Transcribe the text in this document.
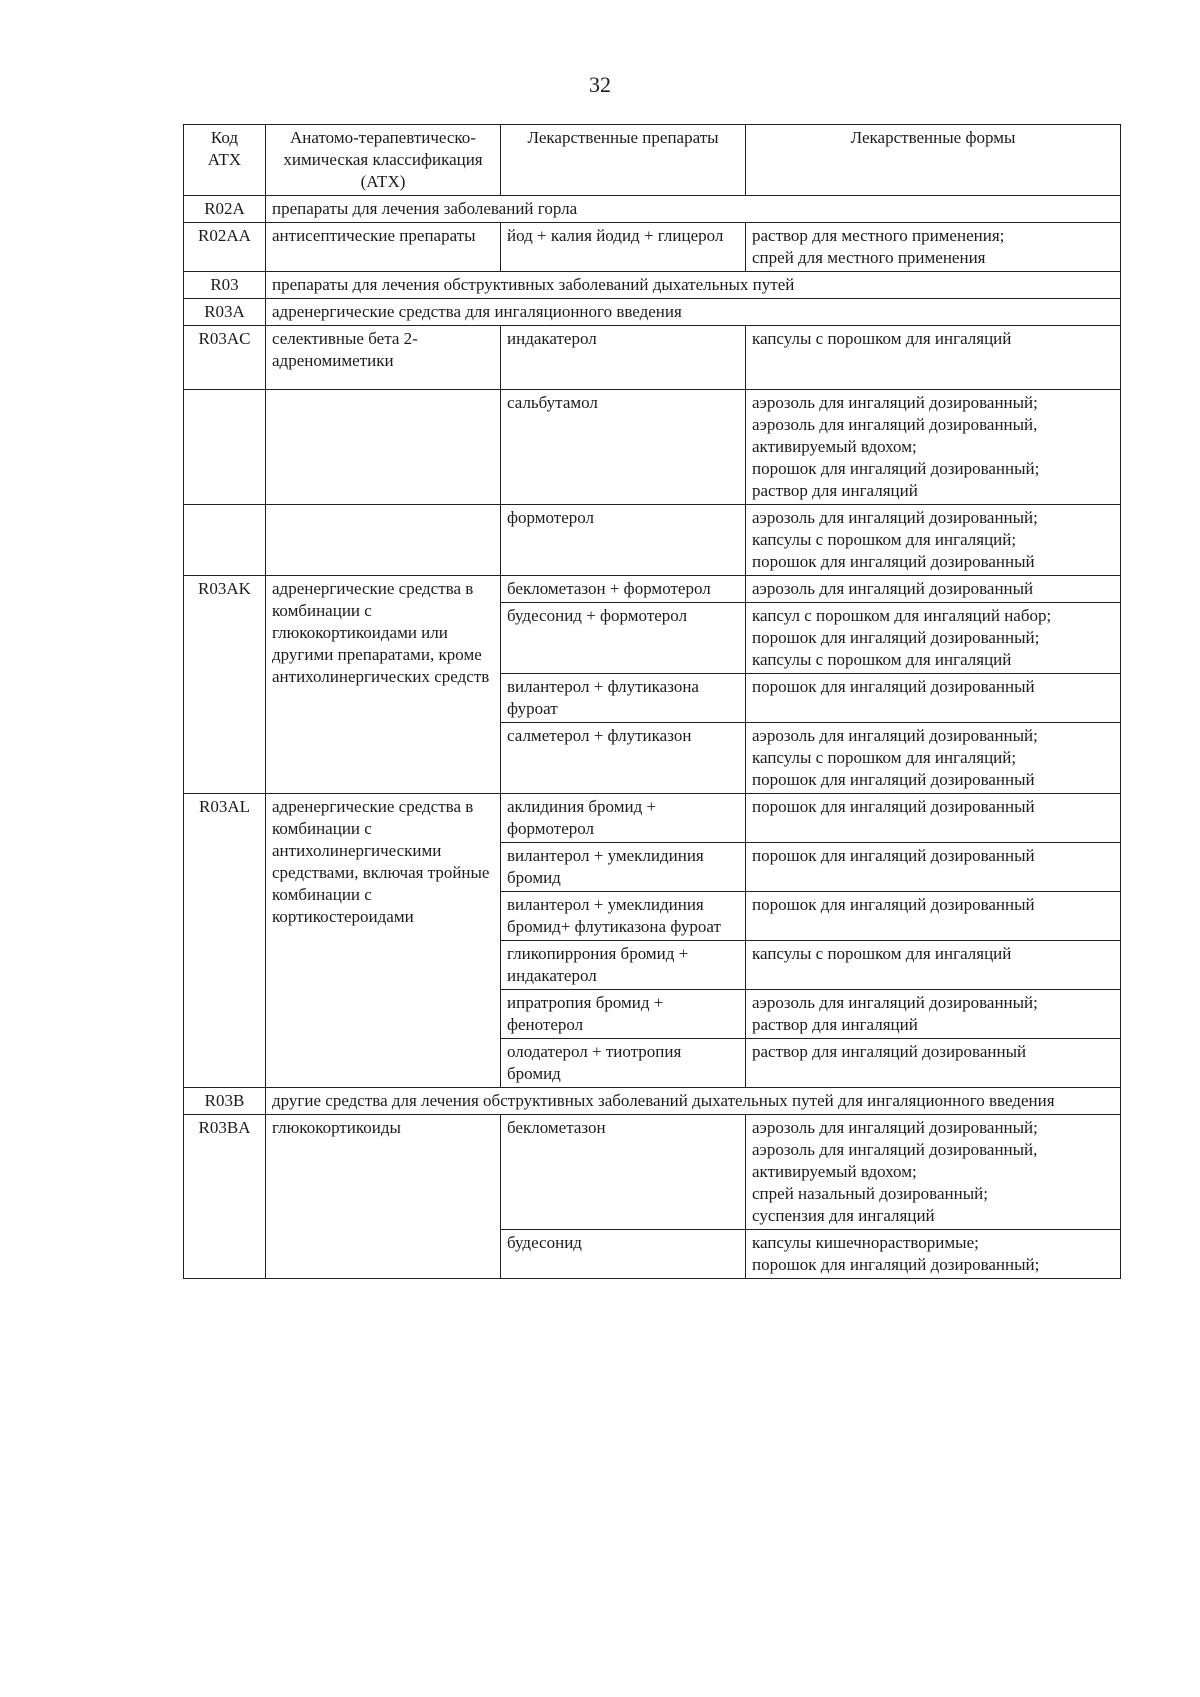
32
Код
АТХ	Анатомо-терапевтическо-химическая классификация (АТХ)	Лекарственные препараты	Лекарственные формы

R02A	препараты для лечения заболеваний горла		
R02AA	антисептические препараты	йод + калия йодид + глицерол	раствор для местного применения;
спрей для местного применения

R03	препараты для лечения обструктивных заболеваний дыхательных путей		
R03A	адренергические средства для ингаляционного введения		
R03AC	селективные бета 2-адреномиметики	индакатерол	капсулы с порошком для ингаляций

		сальбутамол	аэрозоль для ингаляций дозированный;
аэрозоль для ингаляций дозированный, активируемый вдохом;
порошок для ингаляций дозированный;
раствор для ингаляций

		формотерол	аэрозоль для ингаляций дозированный;
капсулы с порошком для ингаляций;
порошок для ингаляций дозированный

R03AK	адренергические средства в комбинации с глюкокортикоидами или другими препаратами, кроме антихолинергических средств	беклометазон + формотерол	аэрозоль для ингаляций дозированный

		будесонид + формотерол	капсул с порошком для ингаляций набор;
порошок для ингаляций дозированный;
капсулы с порошком для ингаляций

		вилантерол + флутиказона фуроат	порошок для ингаляций дозированный

		салметерол + флутиказон	аэрозоль для ингаляций дозированный;
капсулы с порошком для ингаляций;
порошок для ингаляций дозированный

R03AL	адренергические средства в комбинации с антихолинергическими средствами, включая тройные комбинации с кортикостероидами	аклидиния бромид + формотерол	порошок для ингаляций дозированный

		вилантерол + умеклидиния бромид	порошок для ингаляций дозированный

		вилантерол + умеклидиния бромид+ флутиказона фуроат	порошок для ингаляций дозированный

		гликопиррония бромид + индакатерол	капсулы с порошком для ингаляций

		ипратропия бромид + фенотерол	аэрозоль для ингаляций дозированный;
раствор для ингаляций

		олодатерол + тиотропия бромид	раствор для ингаляций дозированный

R03B	другие средства для лечения обструктивных заболеваний дыхательных путей для ингаляционного введения		
R03BA	глюкокортикоиды	беклометазон	аэрозоль для ингаляций дозированный;
аэрозоль для ингаляций дозированный, активируемый вдохом;
спрей назальный дозированный;
суспензия для ингаляций

		будесонид	капсулы кишечнорастворимые;
порошок для ингаляций дозированный;
